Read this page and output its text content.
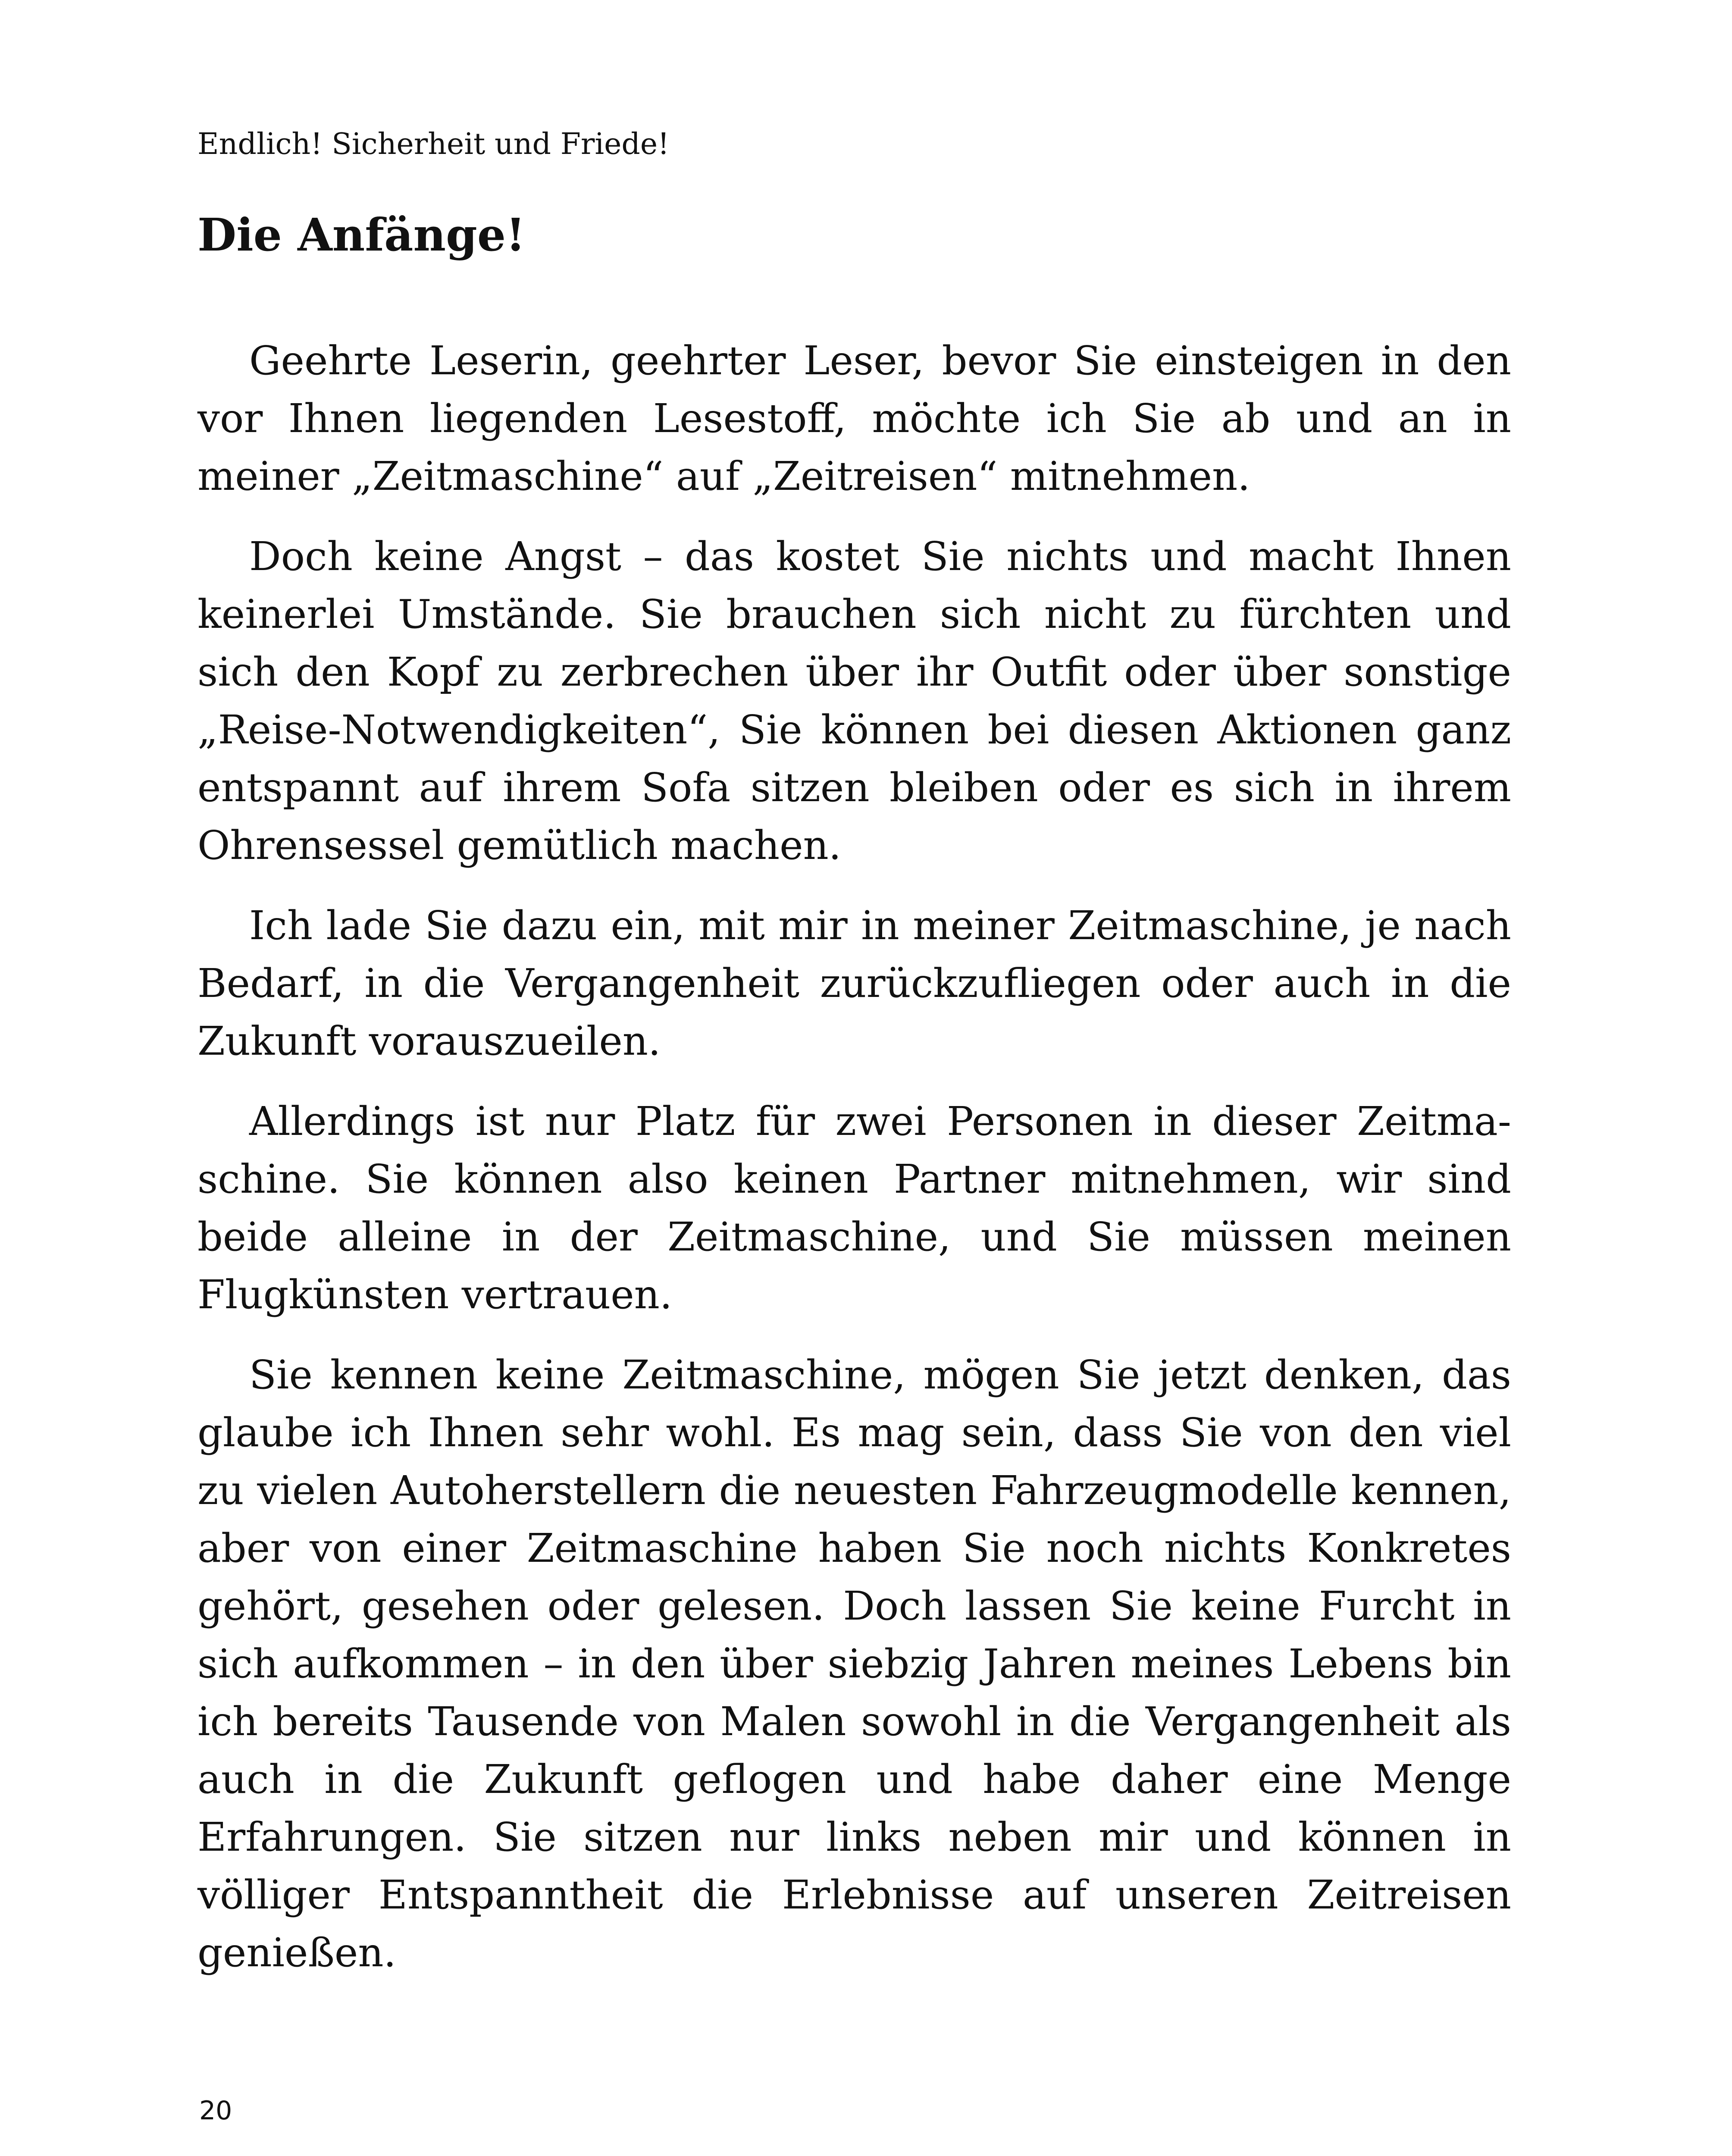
Endlich! Sicherheit und Friede!
Die Anfänge!

Geehrte Leserin, geehrter Leser, bevor Sie einsteigen in den vor Ihnen liegenden Lesestoff, möchte ich Sie ab und an in meiner „Zeitmaschine“ auf „Zeitreisen“ mitnehmen.

Doch keine Angst – das kostet Sie nichts und macht Ihnen keinerlei Umstände. Sie brauchen sich nicht zu fürchten und sich den Kopf zu zerbrechen über ihr Outfit oder über sonstige „Reise-Notwendigkeiten“, Sie können bei diesen Aktionen ganz entspannt auf ihrem Sofa sitzen bleiben oder es sich in ihrem Ohrensessel gemütlich machen.

Ich lade Sie dazu ein, mit mir in meiner Zeitmaschine, je nach Bedarf, in die Vergangenheit zurückzufliegen oder auch in die Zukunft vorauszueilen.

Allerdings ist nur Platz für zwei Personen in dieser Zeitmaschine. Sie können also keinen Partner mitnehmen, wir sind beide alleine in der Zeitmaschine, und Sie müssen meinen Flugkünsten vertrauen.

Sie kennen keine Zeitmaschine, mögen Sie jetzt denken, das glaube ich Ihnen sehr wohl. Es mag sein, dass Sie von den viel zu vielen Autoherstellern die neuesten Fahrzeugmodelle kennen, aber von einer Zeitmaschine haben Sie noch nichts Konkretes gehört, gesehen oder gelesen. Doch lassen Sie keine Furcht in sich aufkommen – in den über siebzig Jahren meines Lebens bin ich bereits Tausende von Malen sowohl in die Vergangenheit als auch in die Zukunft geflogen und habe daher eine Menge Erfahrungen. Sie sitzen nur links neben mir und können in völliger Entspanntheit die Erlebnisse auf unseren Zeitreisen genießen.

20
